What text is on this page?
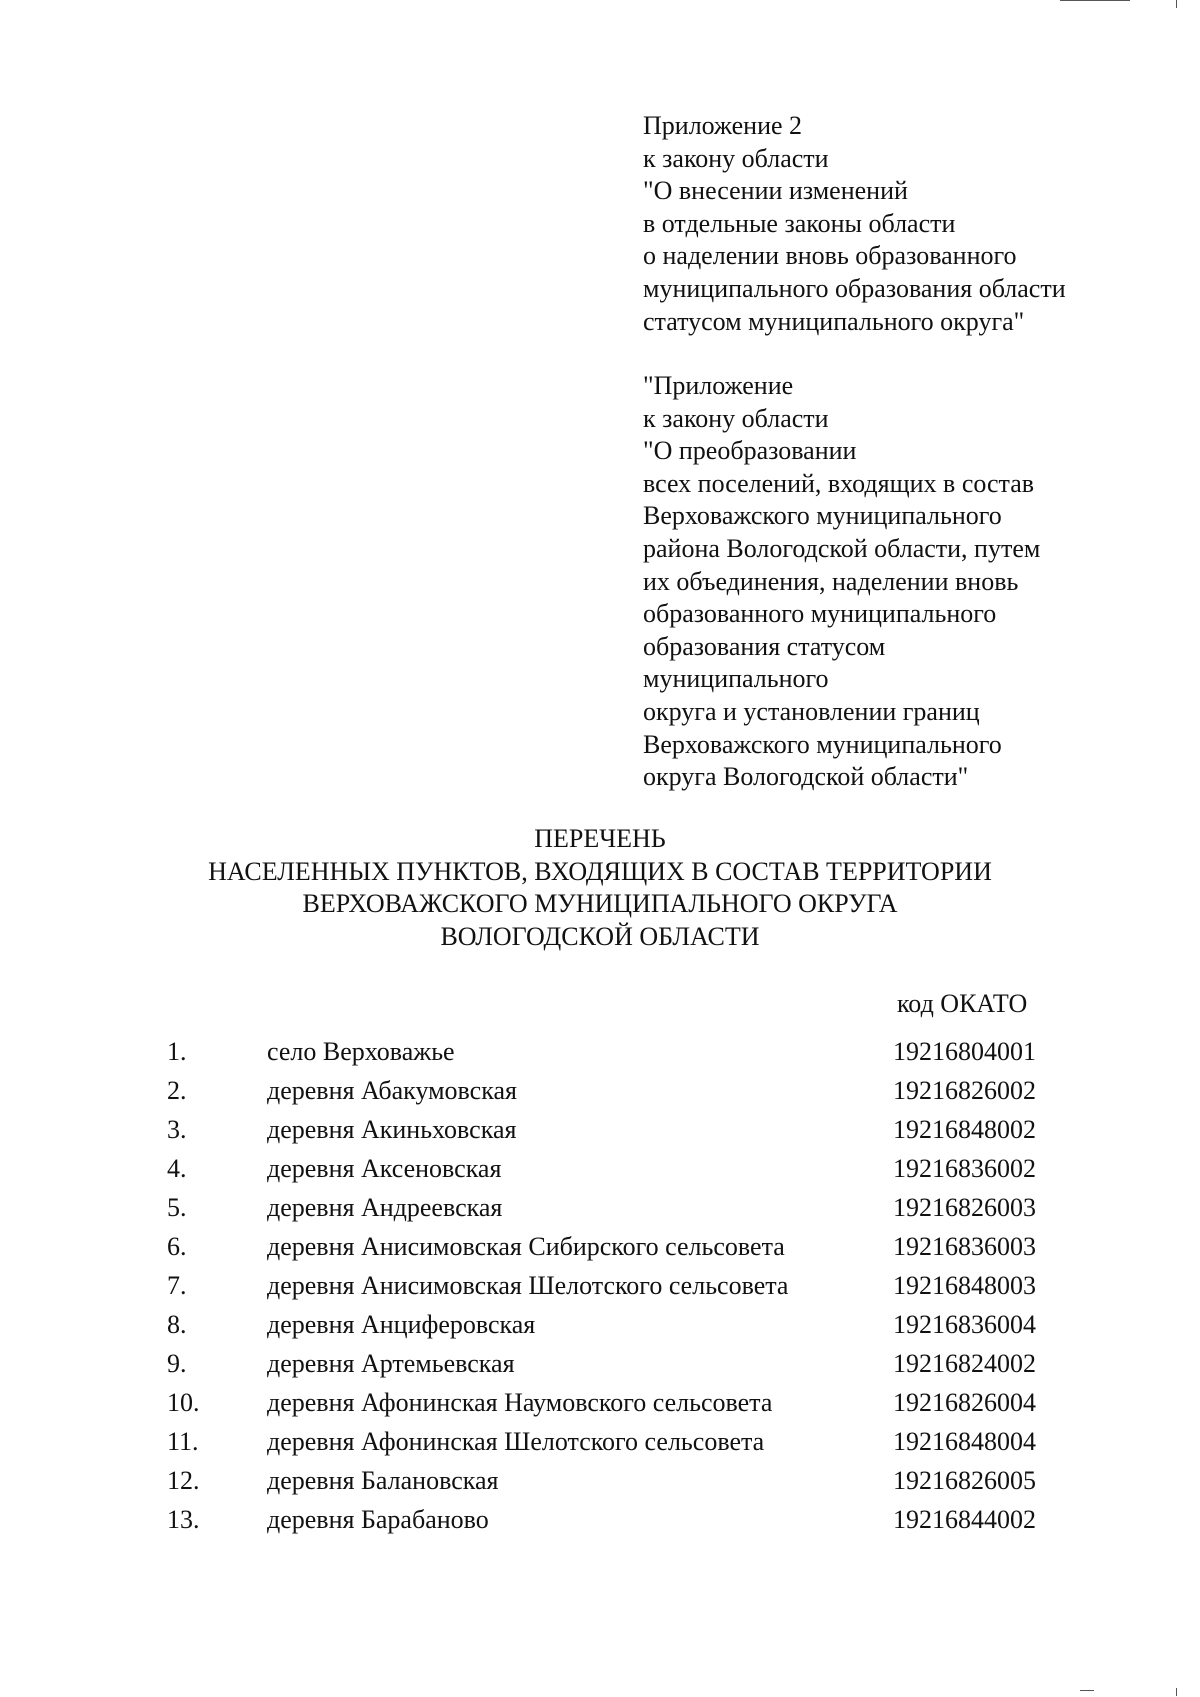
Приложение 2
к закону области
"О внесении изменений
в отдельные законы области
о наделении вновь образованного
муниципального образования области
статусом муниципального округа"
"Приложение
к закону области
"О преобразовании
всех поселений, входящих в состав
Верховажского муниципального
района Вологодской области, путем
их объединения, наделении вновь
образованного муниципального
образования статусом
муниципального
округа и установлении границ
Верховажского муниципального
округа Вологодской области"
ПЕРЕЧЕНЬ
НАСЕЛЕННЫХ ПУНКТОВ, ВХОДЯЩИХ В СОСТАВ ТЕРРИТОРИИ
ВЕРХОВАЖСКОГО МУНИЦИПАЛЬНОГО ОКРУГА
ВОЛОГОДСКОЙ ОБЛАСТИ
код ОКАТО
1.	село Верховажье	19216804001
2.	деревня Абакумовская	19216826002
3.	деревня Акиньховская	19216848002
4.	деревня Аксеновская	19216836002
5.	деревня Андреевская	19216826003
6.	деревня Анисимовская Сибирского сельсовета	19216836003
7.	деревня Анисимовская Шелотского сельсовета	19216848003
8.	деревня Анциферовская	19216836004
9.	деревня Артемьевская	19216824002
10.	деревня Афонинская Наумовского сельсовета	19216826004
11.	деревня Афонинская Шелотского сельсовета	19216848004
12.	деревня Балановская	19216826005
13.	деревня Барабаново	19216844002
